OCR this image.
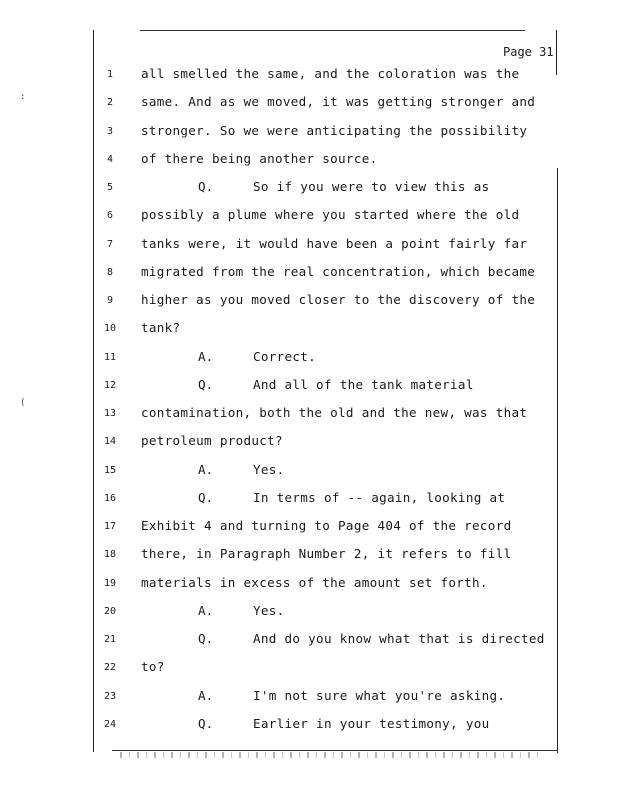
:
(
Page 31
1	all smelled the same, and the coloration was the
2	same. And as we moved, it was getting stronger and
3	stronger. So we were anticipating the possibility
4	of there being another source.
5	Q.	So if you were to view this as
6	possibly a plume where you started where the old
7	tanks were, it would have been a point fairly far
8	migrated from the real concentration, which became
9	higher as you moved closer to the discovery of the
10	tank?
11	A.	Correct.
12	Q.	And all of the tank material
13	contamination, both the old and the new, was that
14	petroleum product?
15	A.	Yes.
16	Q.	In terms of -- again, looking at
17	Exhibit 4 and turning to Page 404 of the record
18	there, in Paragraph Number 2, it refers to fill
19	materials in excess of the amount set forth.
20	A.	Yes.
21	Q.	And do you know what that is directed
22	to?
23	A.	I'm not sure what you're asking.
24	Q.	Earlier in your testimony, you
